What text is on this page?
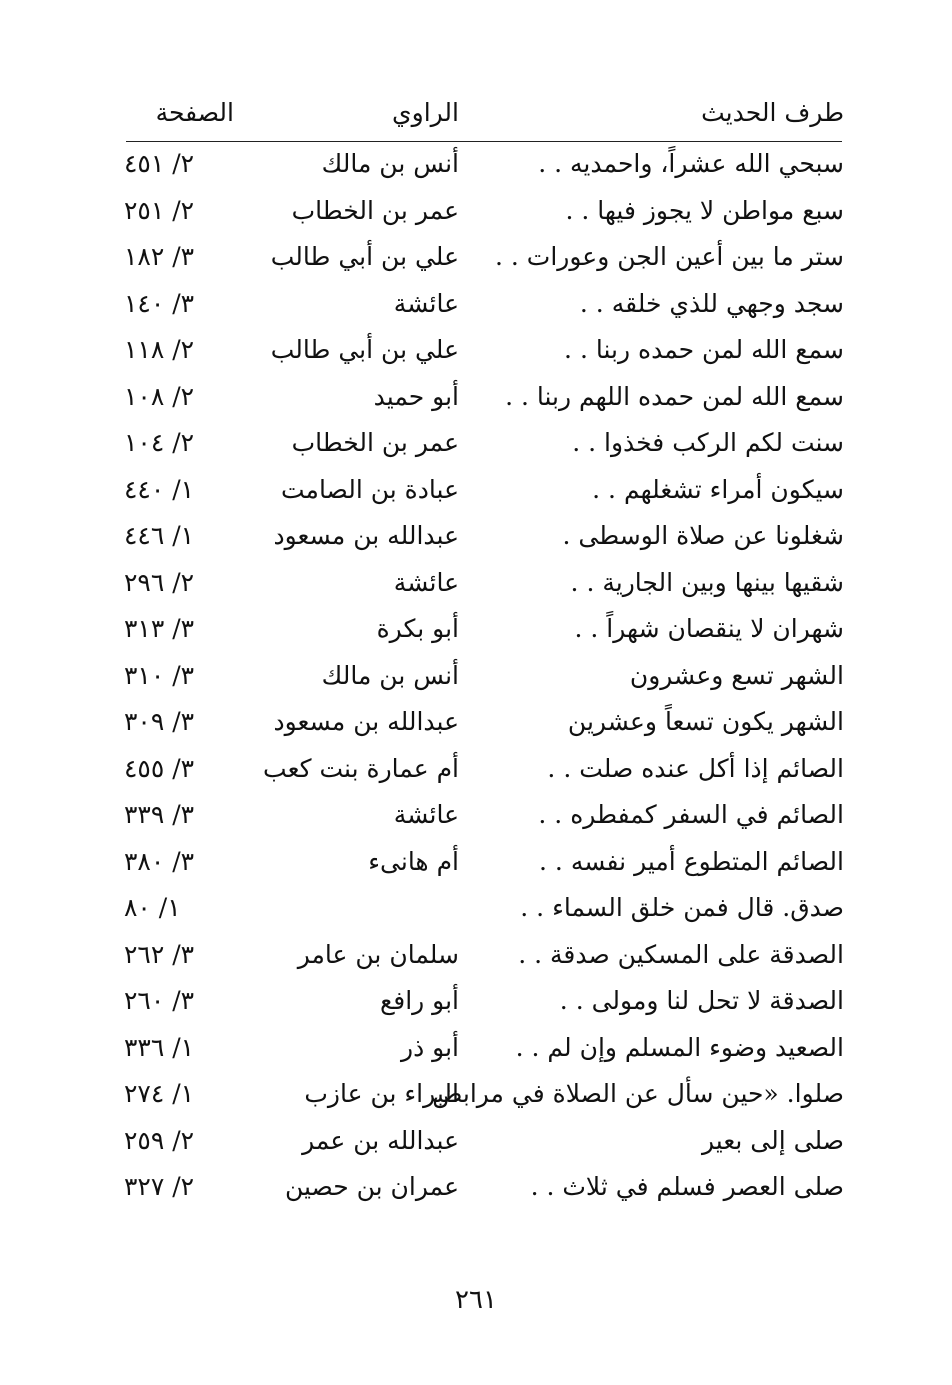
طرف الحديث
الراوي
الصفحة
سبحي الله عشراً، واحمديه . .
أنس بن مالك
٢/ ٤٥١
سبع مواطن لا يجوز فيها . .
عمر بن الخطاب
٢/ ٢٥١
ستر ما بين أعين الجن وعورات . .
علي بن أبي طالب
٣/ ١٨٢
سجد وجهي للذي خلقه . .
عائشة
٣/ ١٤٠
سمع الله لمن حمده ربنا . .
علي بن أبي طالب
٢/ ١١٨
سمع الله لمن حمده اللهم ربنا . .
أبو حميد
٢/ ١٠٨
سنت لكم الركب فخذوا . .
عمر بن الخطاب
٢/ ١٠٤
سيكون أمراء تشغلهم . .
عبادة بن الصامت
١/ ٤٤٠
شغلونا عن صلاة الوسطى .
عبدالله بن مسعود
١/ ٤٤٦
شقيها بينها وبين الجارية . .
عائشة
٢/ ٢٩٦
شهران لا ينقصان شهراً . .
أبو بكرة
٣/ ٣١٣
الشهر تسع وعشرون
أنس بن مالك
٣/ ٣١٠
الشهر يكون تسعاً وعشرين
عبدالله بن مسعود
٣/ ٣٠٩
الصائم إذا أكل عنده صلت . .
أم عمارة بنت كعب
٣/ ٤٥٥
الصائم في السفر كمفطره . .
عائشة
٣/ ٣٣٩
الصائم المتطوع أمير نفسه . .
أم هانىء
٣/ ٣٨٠
صدق. قال فمن خلق السماء . .
١/ ٨٠
الصدقة على المسكين صدقة . .
سلمان بن عامر
٣/ ٢٦٢
الصدقة لا تحل لنا ومولى . .
أبو رافع
٣/ ٢٦٠
الصعيد وضوء المسلم وإن لم . .
أبو ذر
١/ ٣٣٦
صلوا. «حين سأل عن الصلاة في مرابض
البراء بن عازب
١/ ٢٧٤
صلى إلى بعير
عبدالله بن عمر
٢/ ٢٥٩
صلى العصر فسلم في ثلاث . .
عمران بن حصين
٢/ ٣٢٧
٢٦١
